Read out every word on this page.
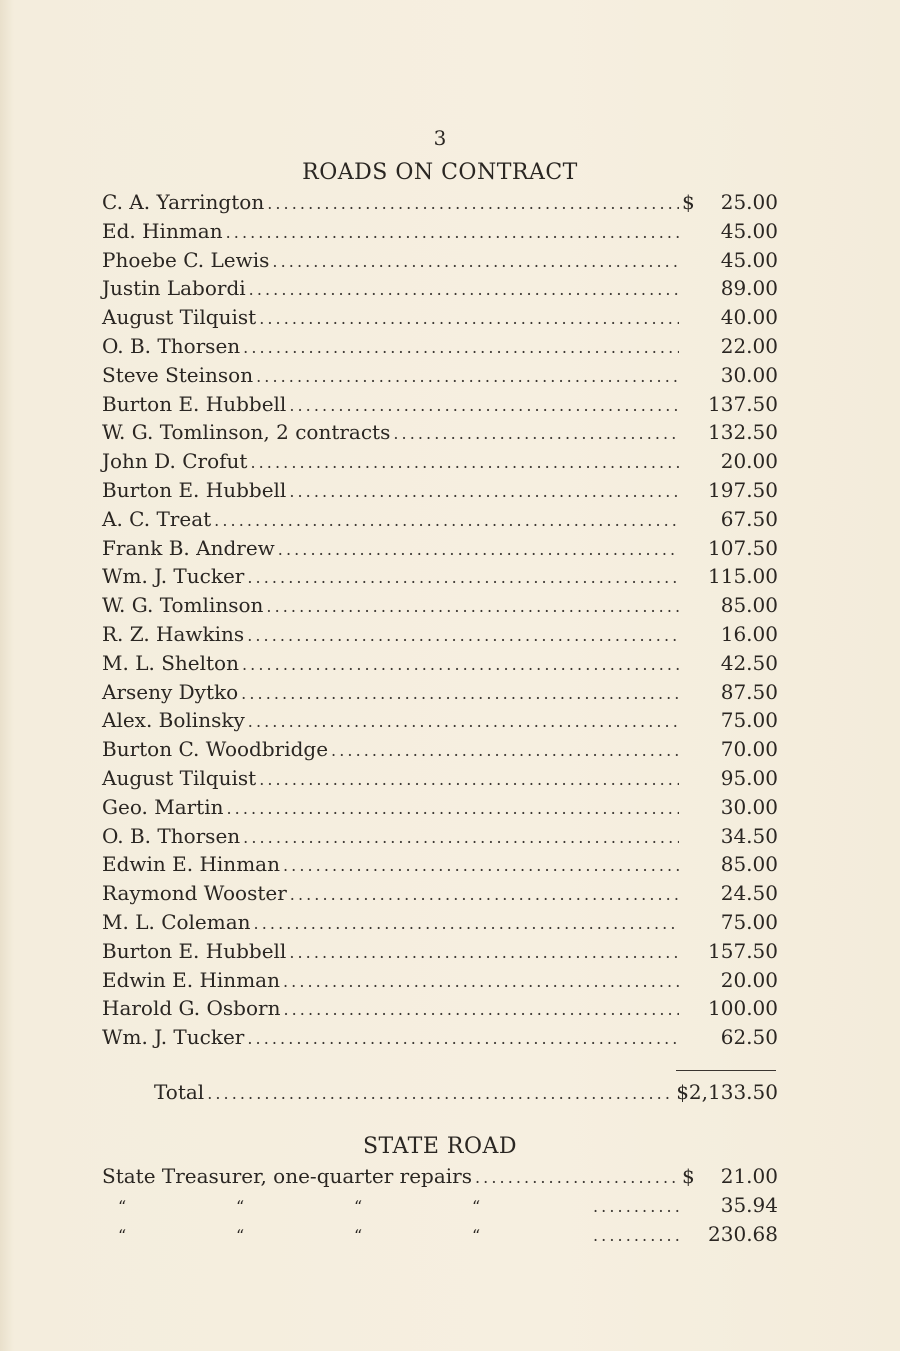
3
ROADS ON CONTRACT
C. A. Yarrington . . .	$	25.00
Ed. Hinman . . .	45.00
Phoebe C. Lewis . . .	45.00
Justin Labordi . . .	89.00
August Tilquist . . .	40.00
O. B. Thorsen . . .	22.00
Steve Steinson . . .	30.00
Burton E. Hubbell . . .	137.50
W. G. Tomlinson, 2 contracts . . .	132.50
John D. Crofut . . .	20.00
Burton E. Hubbell . . .	197.50
A. C. Treat . . .	67.50
Frank B. Andrew . . .	107.50
Wm. J. Tucker . . .	115.00
W. G. Tomlinson . . .	85.00
R. Z. Hawkins . . .	16.00
M. L. Shelton . . .	42.50
Arseny Dytko . . .	87.50
Alex. Bolinsky . . .	75.00
Burton C. Woodbridge . . .	70.00
August Tilquist . . .	95.00
Geo. Martin . . .	30.00
O. B. Thorsen . . .	34.50
Edwin E. Hinman . . .	85.00
Raymond Wooster . . .	24.50
M. L. Coleman . . .	75.00
Burton E. Hubbell . . .	157.50
Edwin E. Hinman . . .	20.00
Harold G. Osborn . . .	100.00
Wm. J. Tucker . . .	62.50
Total . . .	$2,133.50
STATE ROAD
State Treasurer, one-quarter repairs . . .	$	21.00
“	“	“	“ . . .	35.94
“	“	“	“ . . .	230.68
